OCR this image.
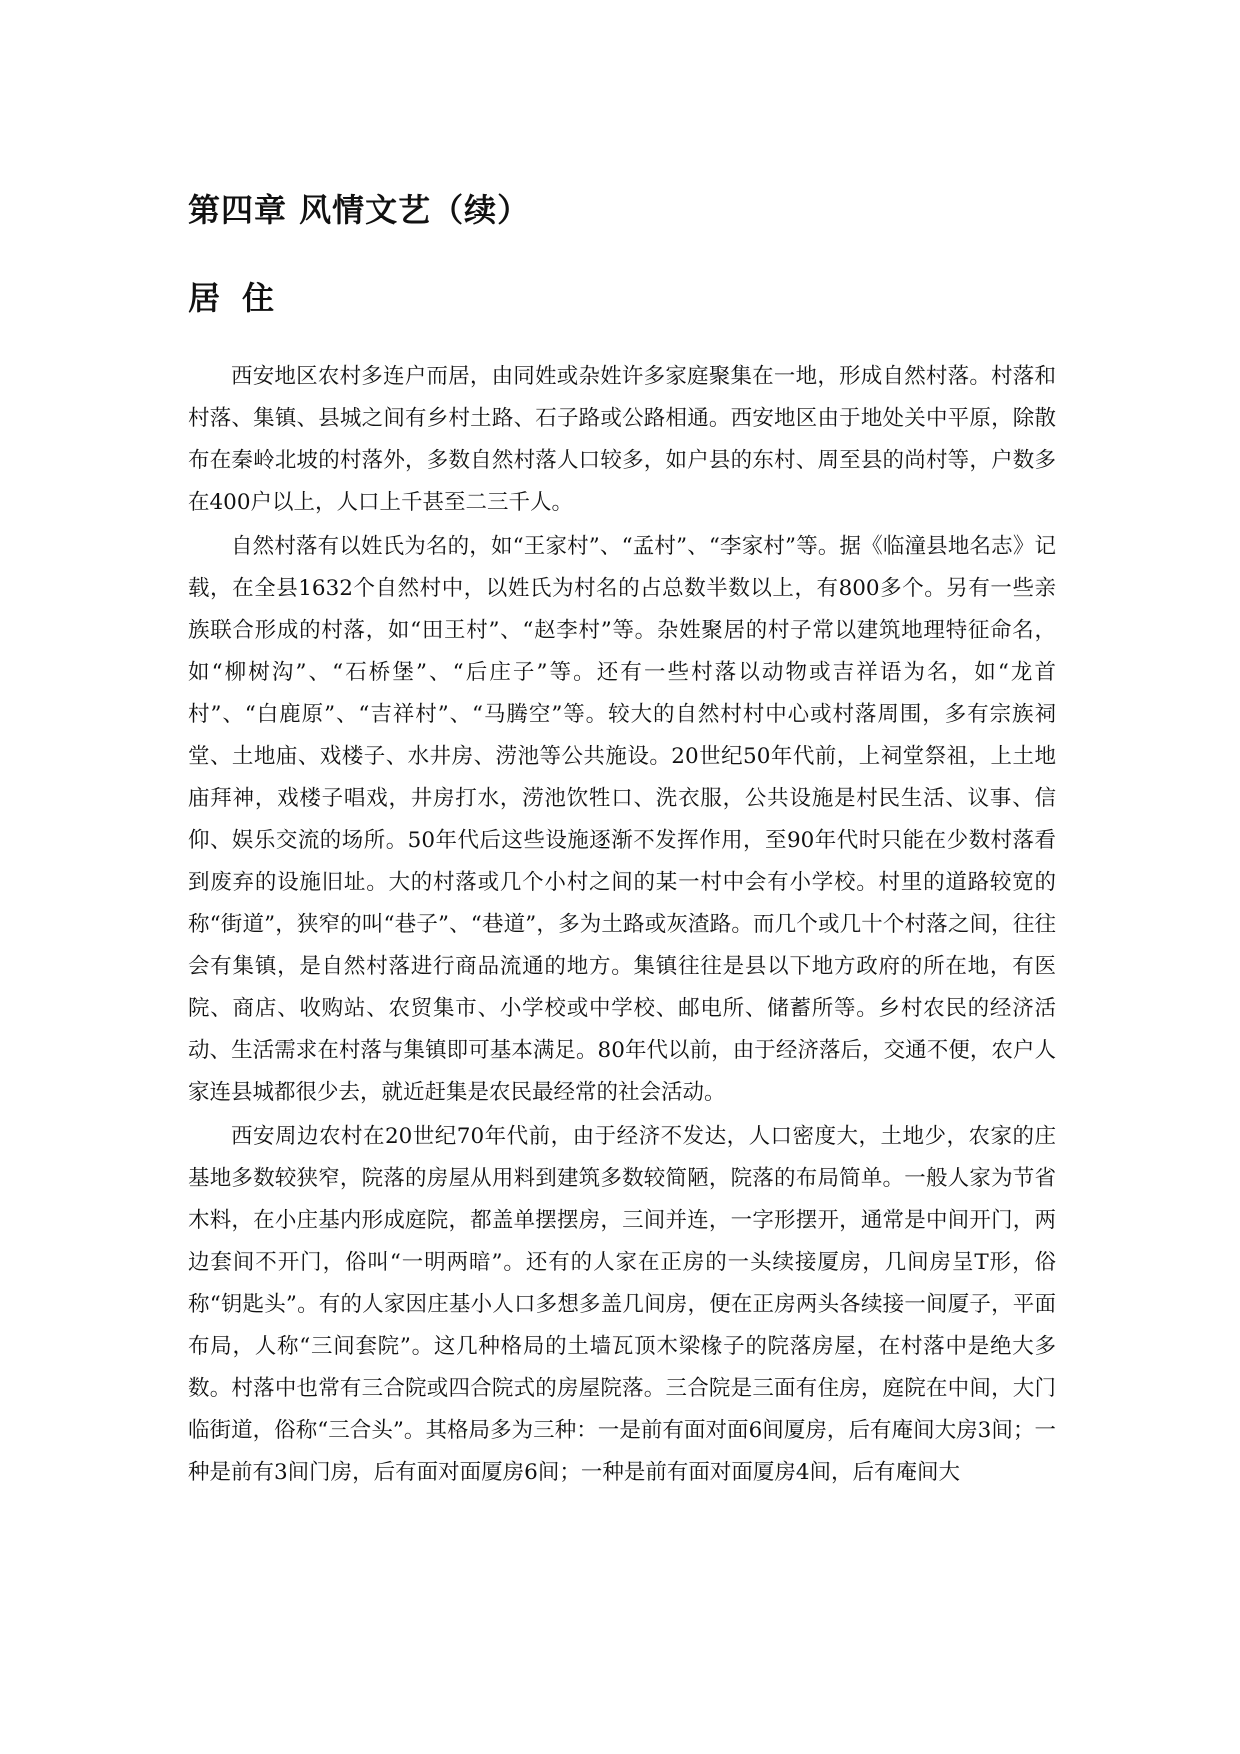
第四章 风情文艺（续）
居住

西安地区农村多连户而居，由同姓或杂姓许多家庭聚集在一地，形成自然村落。村落和村落、集镇、县城之间有乡村土路、石子路或公路相通。西安地区由于地处关中平原，除散布在秦岭北坡的村落外，多数自然村落人口较多，如户县的东村、周至县的尚村等，户数多在400户以上，人口上千甚至二三千人。

自然村落有以姓氏为名的，如“王家村”、“孟村”、“李家村”等。据《临潼县地名志》记载，在全县1632个自然村中，以姓氏为村名的占总数半数以上，有800多个。另有一些亲族联合形成的村落，如“田王村”、“赵李村”等。杂姓聚居的村子常以建筑地理特征命名，如“柳树沟”、“石桥堡”、“后庄子”等。还有一些村落以动物或吉祥语为名，如“龙首村”、“白鹿原”、“吉祥村”、“马腾空”等。较大的自然村村中心或村落周围，多有宗族祠堂、土地庙、戏楼子、水井房、涝池等公共施设。20世纪50年代前，上祠堂祭祖，上土地庙拜神，戏楼子唱戏，井房打水，涝池饮牲口、洗衣服，公共设施是村民生活、议事、信仰、娱乐交流的场所。50年代后这些设施逐渐不发挥作用，至90年代时只能在少数村落看到废弃的设施旧址。大的村落或几个小村之间的某一村中会有小学校。村里的道路较宽的称“街道”，狭窄的叫“巷子”、“巷道”，多为土路或灰渣路。而几个或几十个村落之间，往往会有集镇，是自然村落进行商品流通的地方。集镇往往是县以下地方政府的所在地，有医院、商店、收购站、农贸集市、小学校或中学校、邮电所、储蓄所等。乡村农民的经济活动、生活需求在村落与集镇即可基本满足。80年代以前，由于经济落后，交通不便，农户人家连县城都很少去，就近赶集是农民最经常的社会活动。

西安周边农村在20世纪70年代前，由于经济不发达，人口密度大，土地少，农家的庄基地多数较狭窄，院落的房屋从用料到建筑多数较简陋，院落的布局简单。一般人家为节省木料，在小庄基内形成庭院，都盖单摆摆房，三间并连，一字形摆开，通常是中间开门，两边套间不开门，俗叫“一明两暗”。还有的人家在正房的一头续接厦房，几间房呈T形，俗称“钥匙头”。有的人家因庄基小人口多想多盖几间房，便在正房两头各续接一间厦子，平面布局，人称“三间套院”。这几种格局的土墙瓦顶木梁椽子的院落房屋，在村落中是绝大多数。村落中也常有三合院或四合院式的房屋院落。三合院是三面有住房，庭院在中间，大门临街道，俗称“三合头”。其格局多为三种：一是前有面对面6间厦房，后有庵间大房3间；一种是前有3间门房，后有面对面厦房6间；一种是前有面对面厦房4间，后有庵间大
